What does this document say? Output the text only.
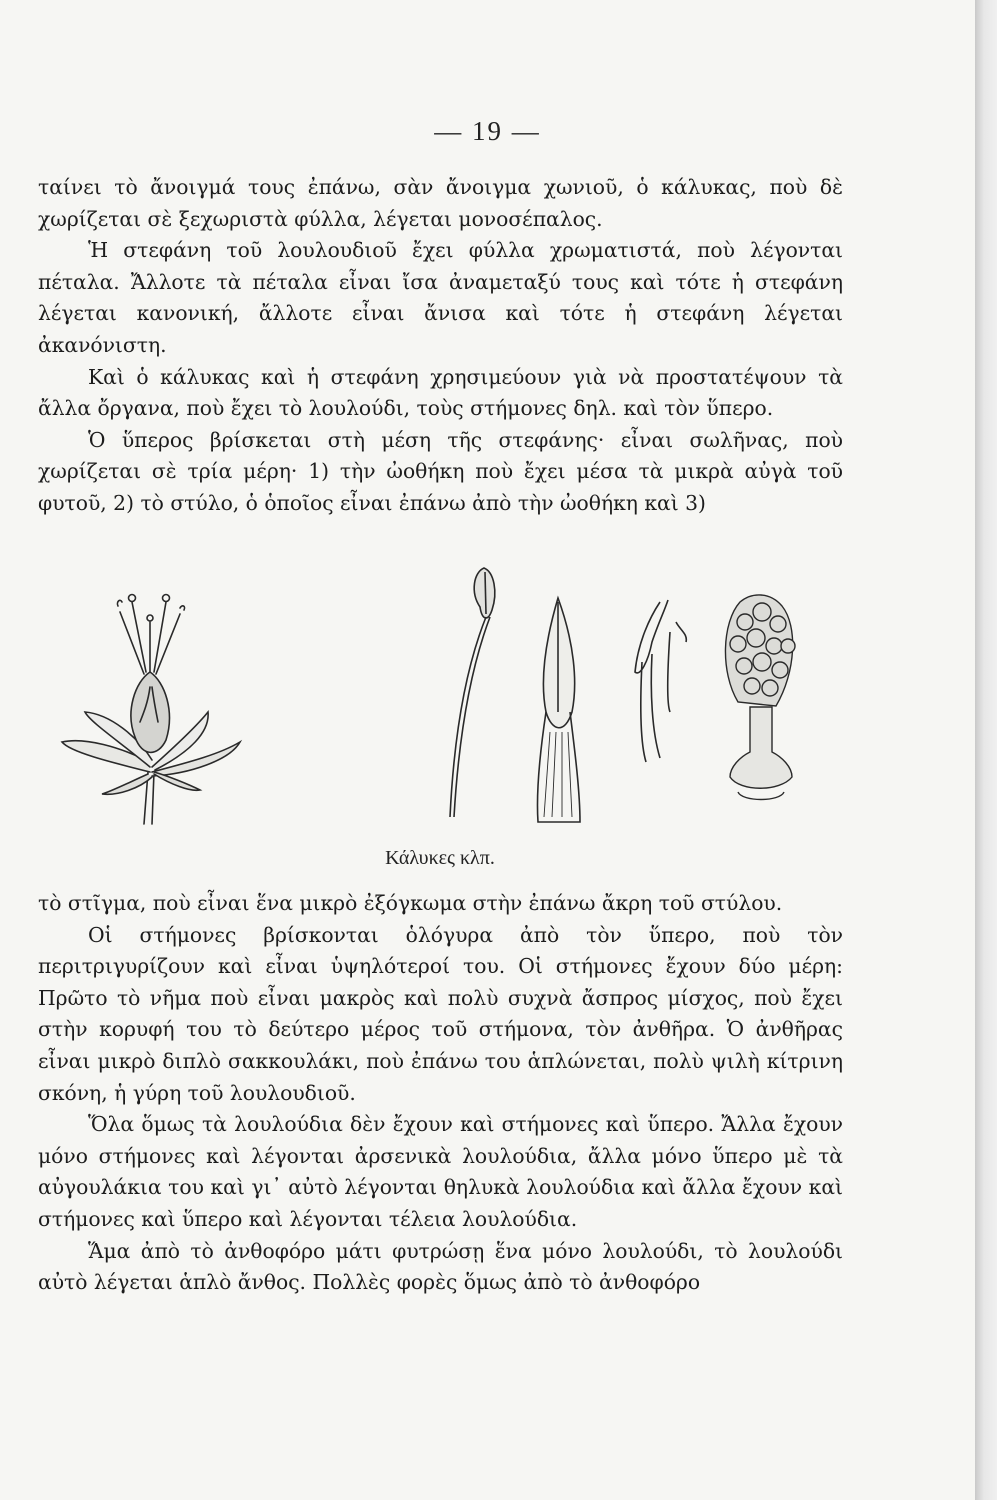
— 19 —

ταίνει τὸ ἄνοιγμά τους ἐπάνω, σὰν ἄνοιγμα χωνιοῦ, ὁ κάλυκας, ποὺ δὲ χωρίζεται σὲ ξεχωριστὰ φύλλα, λέγεται μονοσέπαλος.

Ἡ στεφάνη τοῦ λουλουδιοῦ ἔχει φύλλα χρωματιστά, ποὺ λέγονται πέταλα. Ἄλλοτε τὰ πέταλα εἶναι ἴσα ἀναμεταξύ τους καὶ τότε ἡ στεφάνη λέγεται κανονική, ἄλλοτε εἶναι ἄνισα καὶ τότε ἡ στεφάνη λέγεται ἀκανόνιστη.

Καὶ ὁ κάλυκας καὶ ἡ στεφάνη χρησιμεύουν γιὰ νὰ προστατέψουν τὰ ἄλλα ὄργανα, ποὺ ἔχει τὸ λουλούδι, τοὺς στήμονες δηλ. καὶ τὸν ὕπερο.

Ὁ ὕπερος βρίσκεται στὴ μέση τῆς στεφάνης· εἶναι σωλῆνας, ποὺ χωρίζεται σὲ τρία μέρη· 1) τὴν ὠοθήκη ποὺ ἔχει μέσα τὰ μικρὰ αὐγὰ τοῦ φυτοῦ, 2) τὸ στύλο, ὁ ὁποῖος εἶναι ἐπάνω ἀπὸ τὴν ὠοθήκη καὶ 3)

Κάλυκες κλπ.

τὸ στῖγμα, ποὺ εἶναι ἕνα μικρὸ ἐξόγκωμα στὴν ἐπάνω ἄκρη τοῦ στύλου.

Οἱ στήμονες βρίσκονται ὁλόγυρα ἀπὸ τὸν ὕπερο, ποὺ τὸν περιτριγυρίζουν καὶ εἶναι ὑψηλότεροί του. Οἱ στήμονες ἔχουν δύο μέρη: Πρῶτο τὸ νῆμα ποὺ εἶναι μακρὸς καὶ πολὺ συχνὰ ἄσπρος μίσχος, ποὺ ἔχει στὴν κορυφή του τὸ δεύτερο μέρος τοῦ στήμονα, τὸν ἀνθῆρα. Ὁ ἀνθῆρας εἶναι μικρὸ διπλὸ σακκουλάκι, ποὺ ἐπάνω του ἁπλώνεται, πολὺ ψιλὴ κίτρινη σκόνη, ἡ γύρη τοῦ λουλουδιοῦ.

Ὅλα ὅμως τὰ λουλούδια δὲν ἔχουν καὶ στήμονες καὶ ὕπερο. Ἄλλα ἔχουν μόνο στήμονες καὶ λέγονται ἀρσενικὰ λουλούδια, ἄλλα μόνο ὕπερο μὲ τὰ αὐγουλάκια του καὶ γι᾽ αὐτὸ λέγονται θηλυκὰ λουλούδια καὶ ἄλλα ἔχουν καὶ στήμονες καὶ ὕπερο καὶ λέγονται τέλεια λουλούδια.

Ἅμα ἀπὸ τὸ ἀνθοφόρο μάτι φυτρώσῃ ἕνα μόνο λουλούδι, τὸ λουλούδι αὐτὸ λέγεται ἁπλὸ ἄνθος. Πολλὲς φορὲς ὅμως ἀπὸ τὸ ἀνθοφόρο
